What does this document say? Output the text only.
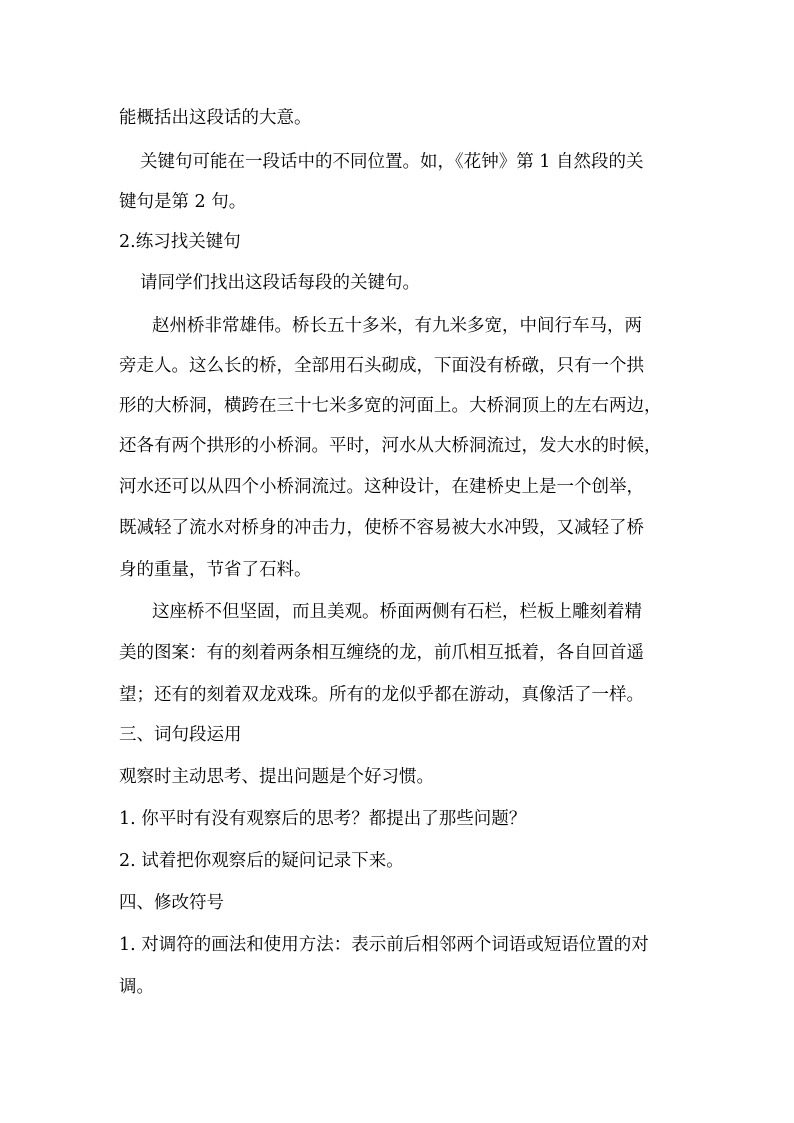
能概括出这段话的大意。
关键句可能在一段话中的不同位置。如，《花钟》第 1 自然段的关
键句是第 2 句。
2.练习找关键句
请同学们找出这段话每段的关键句。
赵州桥非常雄伟。桥长五十多米，有九米多宽，中间行车马，两
旁走人。这么长的桥，全部用石头砌成，下面没有桥礅，只有一个拱
形的大桥洞，横跨在三十七米多宽的河面上。大桥洞顶上的左右两边，
还各有两个拱形的小桥洞。平时，河水从大桥洞流过，发大水的时候，
河水还可以从四个小桥洞流过。这种设计，在建桥史上是一个创举，
既减轻了流水对桥身的冲击力，使桥不容易被大水冲毁，又减轻了桥
身的重量，节省了石料。
这座桥不但坚固，而且美观。桥面两侧有石栏，栏板上雕刻着精
美的图案：有的刻着两条相互缠绕的龙，前爪相互抵着，各自回首遥
望；还有的刻着双龙戏珠。所有的龙似乎都在游动，真像活了一样。
三、词句段运用
观察时主动思考、提出问题是个好习惯。
1. 你平时有没有观察后的思考？都提出了那些问题？
2. 试着把你观察后的疑问记录下来。
四、修改符号
1. 对调符的画法和使用方法：表示前后相邻两个词语或短语位置的对
调。
